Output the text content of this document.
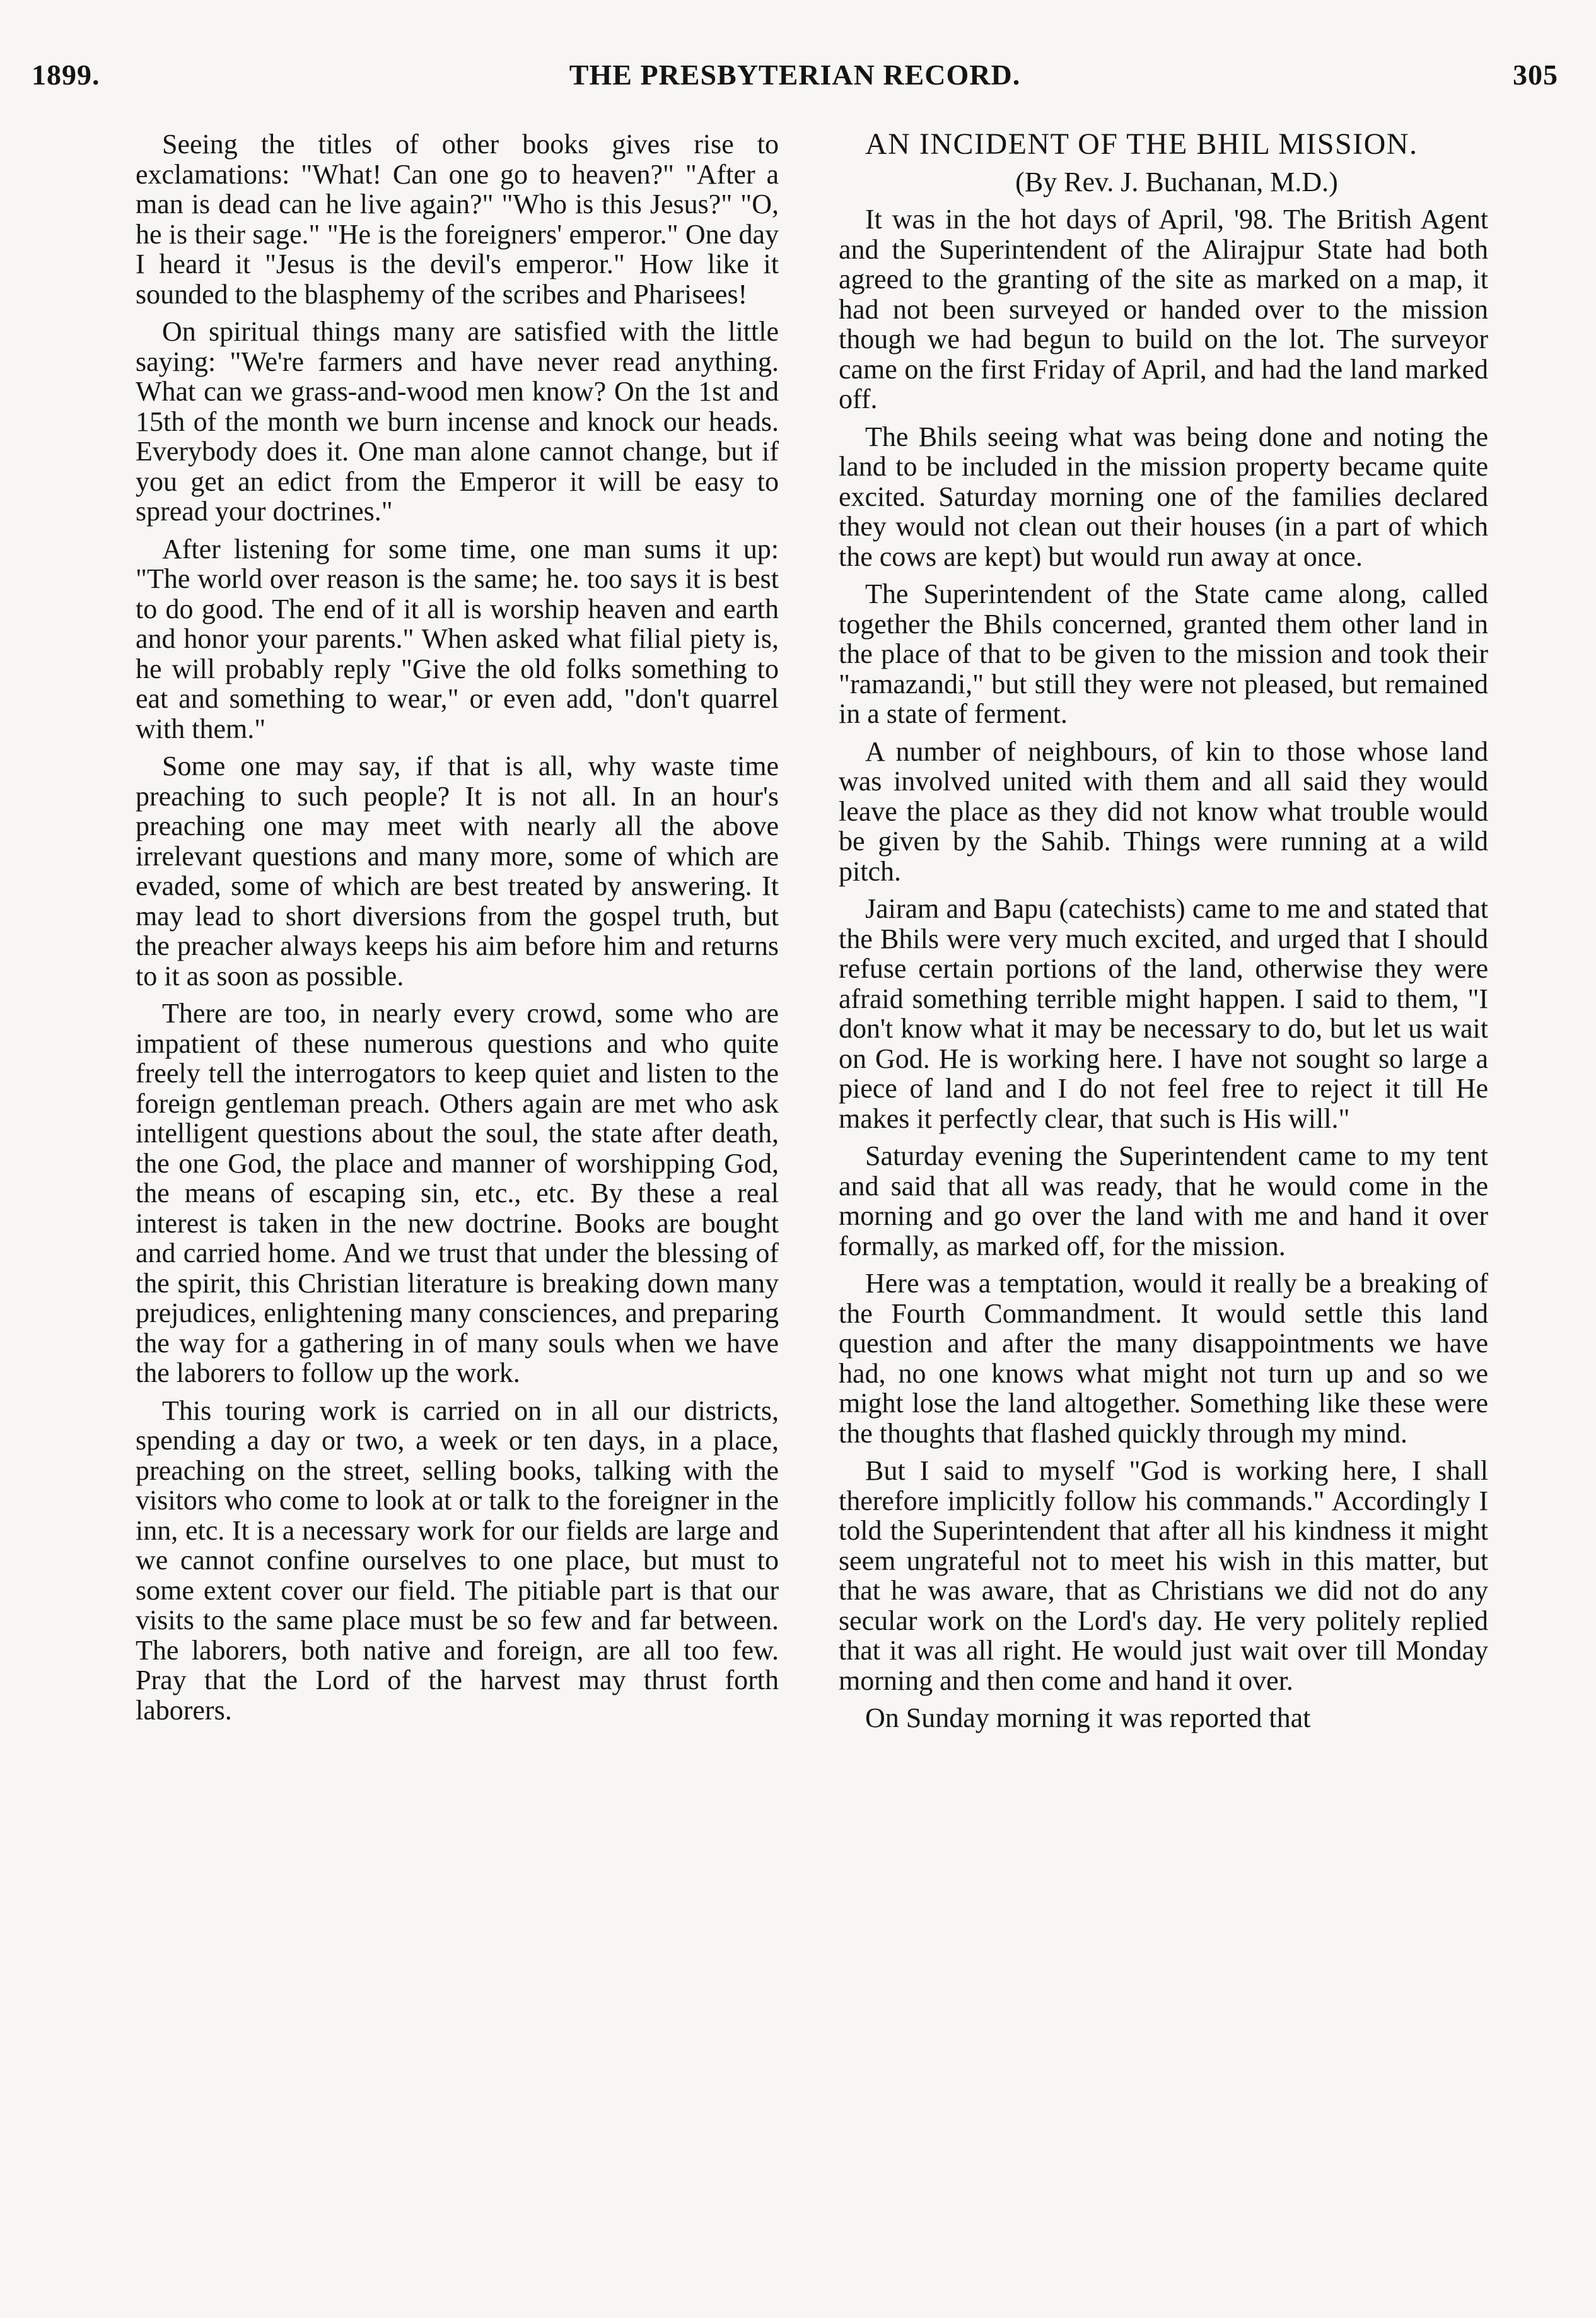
1899.	THE PRESBYTERIAN RECORD.	305

Seeing the titles of other books gives rise to exclamations: "What! Can one go to heaven?" "After a man is dead can he live again?" "Who is this Jesus?" "O, he is their sage." "He is the foreigners' emperor." One day I heard it "Jesus is the devil's emperor." How like it sounded to the blasphemy of the scribes and Pharisees!

On spiritual things many are satisfied with the little saying: "We're farmers and have never read anything. What can we grass-and-wood men know? On the 1st and 15th of the month we burn incense and knock our heads. Everybody does it. One man alone cannot change, but if you get an edict from the Emperor it will be easy to spread your doctrines."

After listening for some time, one man sums it up: "The world over reason is the same; he. too says it is best to do good. The end of it all is worship heaven and earth and honor your parents." When asked what filial piety is, he will probably reply "Give the old folks something to eat and something to wear," or even add, "don't quarrel with them."

Some one may say, if that is all, why waste time preaching to such people? It is not all. In an hour's preaching one may meet with nearly all the above irrelevant questions and many more, some of which are evaded, some of which are best treated by answering. It may lead to short diversions from the gospel truth, but the preacher always keeps his aim before him and returns to it as soon as possible.

There are too, in nearly every crowd, some who are impatient of these numerous questions and who quite freely tell the interrogators to keep quiet and listen to the foreign gentleman preach. Others again are met who ask intelligent questions about the soul, the state after death, the one God, the place and manner of worshipping God, the means of escaping sin, etc., etc. By these a real interest is taken in the new doctrine. Books are bought and carried home. And we trust that under the blessing of the spirit, this Christian literature is breaking down many prejudices, enlightening many consciences, and preparing the way for a gathering in of many souls when we have the laborers to follow up the work.

This touring work is carried on in all our districts, spending a day or two, a week or ten days, in a place, preaching on the street, selling books, talking with the visitors who come to look at or talk to the foreigner in the inn, etc. It is a necessary work for our fields are large and we cannot confine ourselves to one place, but must to some extent cover our field. The pitiable part is that our visits to the same place must be so few and far between. The laborers, both native and foreign, are all too few. Pray that the Lord of the harvest may thrust forth laborers.

AN INCIDENT OF THE BHIL MISSION.

(By Rev. J. Buchanan, M.D.)

It was in the hot days of April, '98. The British Agent and the Superintendent of the Alirajpur State had both agreed to the granting of the site as marked on a map, it had not been surveyed or handed over to the mission though we had begun to build on the lot. The surveyor came on the first Friday of April, and had the land marked off.

The Bhils seeing what was being done and noting the land to be included in the mission property became quite excited. Saturday morning one of the families declared they would not clean out their houses (in a part of which the cows are kept) but would run away at once.

The Superintendent of the State came along, called together the Bhils concerned, granted them other land in the place of that to be given to the mission and took their "ramazandi," but still they were not pleased, but remained in a state of ferment.

A number of neighbours, of kin to those whose land was involved united with them and all said they would leave the place as they did not know what trouble would be given by the Sahib. Things were running at a wild pitch.

Jairam and Bapu (catechists) came to me and stated that the Bhils were very much excited, and urged that I should refuse certain portions of the land, otherwise they were afraid something terrible might happen. I said to them, "I don't know what it may be necessary to do, but let us wait on God. He is working here. I have not sought so large a piece of land and I do not feel free to reject it till He makes it perfectly clear, that such is His will."

Saturday evening the Superintendent came to my tent and said that all was ready, that he would come in the morning and go over the land with me and hand it over formally, as marked off, for the mission.

Here was a temptation, would it really be a breaking of the Fourth Commandment. It would settle this land question and after the many disappointments we have had, no one knows what might not turn up and so we might lose the land altogether. Something like these were the thoughts that flashed quickly through my mind.

But I said to myself "God is working here, I shall therefore implicitly follow his commands." Accordingly I told the Superintendent that after all his kindness it might seem ungrateful not to meet his wish in this matter, but that he was aware, that as Christians we did not do any secular work on the Lord's day. He very politely replied that it was all right. He would just wait over till Monday morning and then come and hand it over.

On Sunday morning it was reported that
